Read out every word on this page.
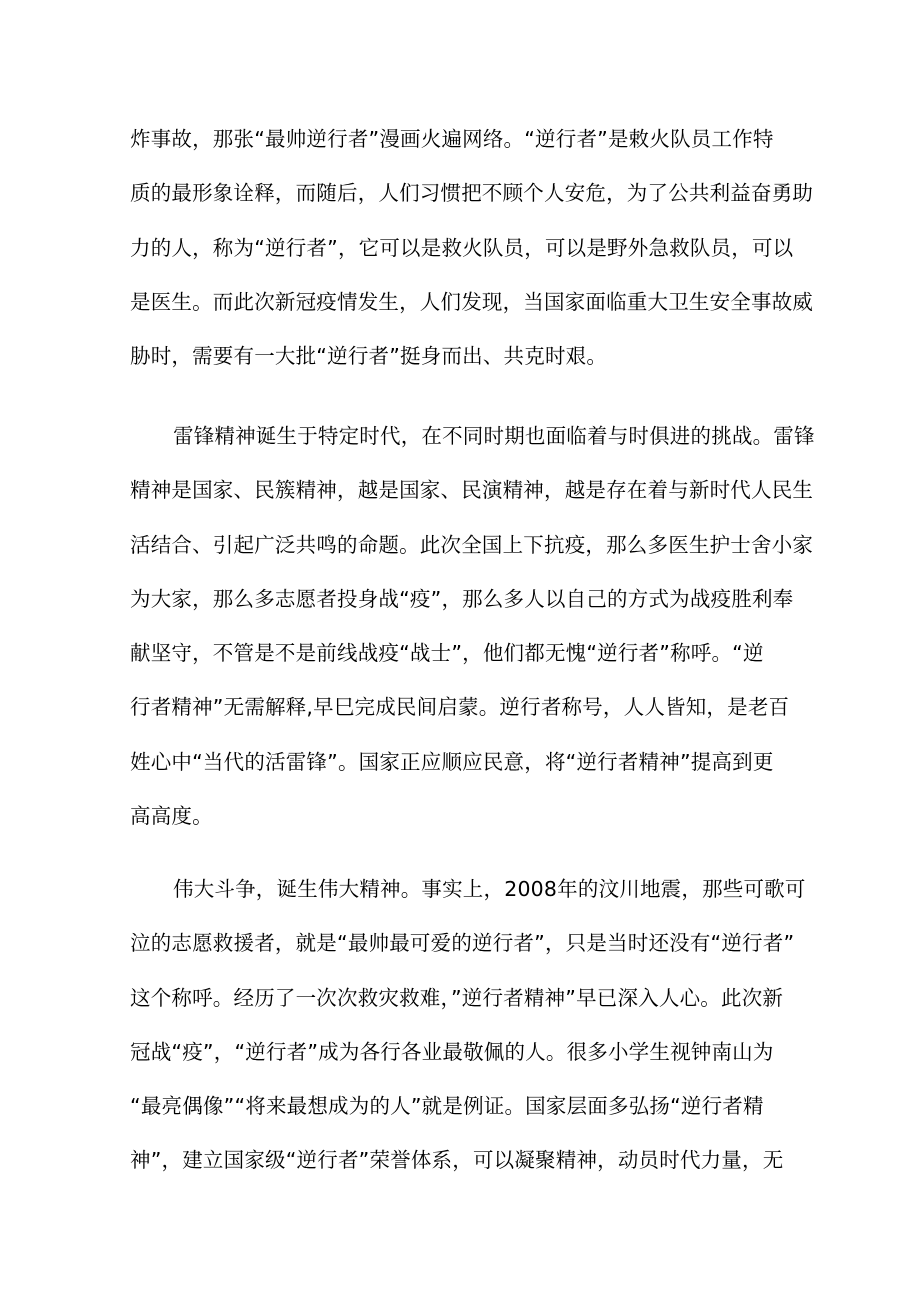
炸事故，那张“最帅逆行者”漫画火遍网络。“逆行者”是敕火队员工作特
质的最形象诠释，而随后，人们习惯把不顾个人安危，为了公共利益奋勇助
力的人，称为“逆行者”，它可以是救火队员，可以是野外急救队员，可以
是医生。而此次新冠疫情发生，人们发现，当国家面临重大卫生安全事故威
胁时，需要有一大批“逆行者”挺身而出、共克时艰。
雷锋精神诞生于特定时代，在不同时期也面临着与时俱进的挑战。雷锋
精神是国家、民簇精神，越是国家、民演精神，越是存在着与新时代人民生
活结合、引起广泛共鸣的命题。此次全国上下抗疫，那么多医生护士舍小家
为大家，那么多志愿者投身战“疫”，那么多人以自己的方式为战疫胜利奉
献坚守，不管是不是前线战疫“战士”，他们都无愧“逆行者”称呼。“逆
行者精神”无需解释,早巳完成民间启蒙。逆行者称号，人人皆知，是老百
姓心中“当代的活雷锋”。国家正应顺应民意，将“逆行者精神”提高到更
高高度。
伟大斗争，诞生伟大精神。事实上，2008年的汶川地震，那些可歌可
泣的志愿救援者，就是“最帅最可爱的逆行者”，只是当时还没有“逆行者”
这个称呼。经历了一次次救灾救难，”逆行者精神”早已深入人心。此次新
冠战“疫”，“逆行者”成为各行各业最敬佩的人。很多小学生视钟南山为
“最亮偶像”“将来最想成为的人”就是例证。国家层面多弘扬“逆行者精
神”，建立国家级“逆行者”荣誉体系，可以凝聚精神，动员时代力量，无
